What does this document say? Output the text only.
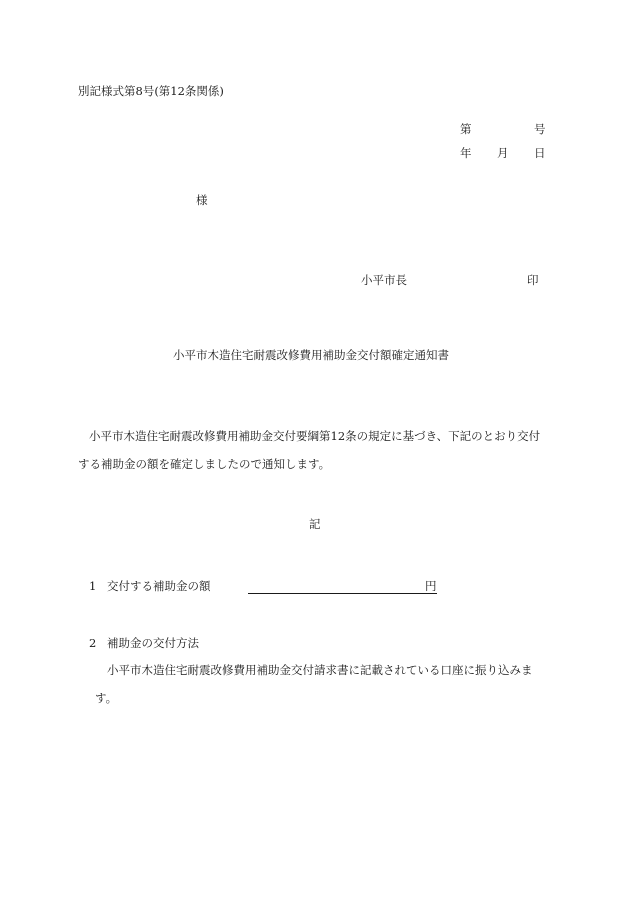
別記様式第8号(第12条関係)
第	号
年 月 日
様
小平市長	印
小平市木造住宅耐震改修費用補助金交付額確定通知書
小平市木造住宅耐震改修費用補助金交付要綱第12条の規定に基づき、下記のとおり交付
する補助金の額を確定しましたので通知します。
記
1 交付する補助金の額	円
2 補助金の交付方法
小平市木造住宅耐震改修費用補助金交付請求書に記載されている口座に振り込みま
す。
